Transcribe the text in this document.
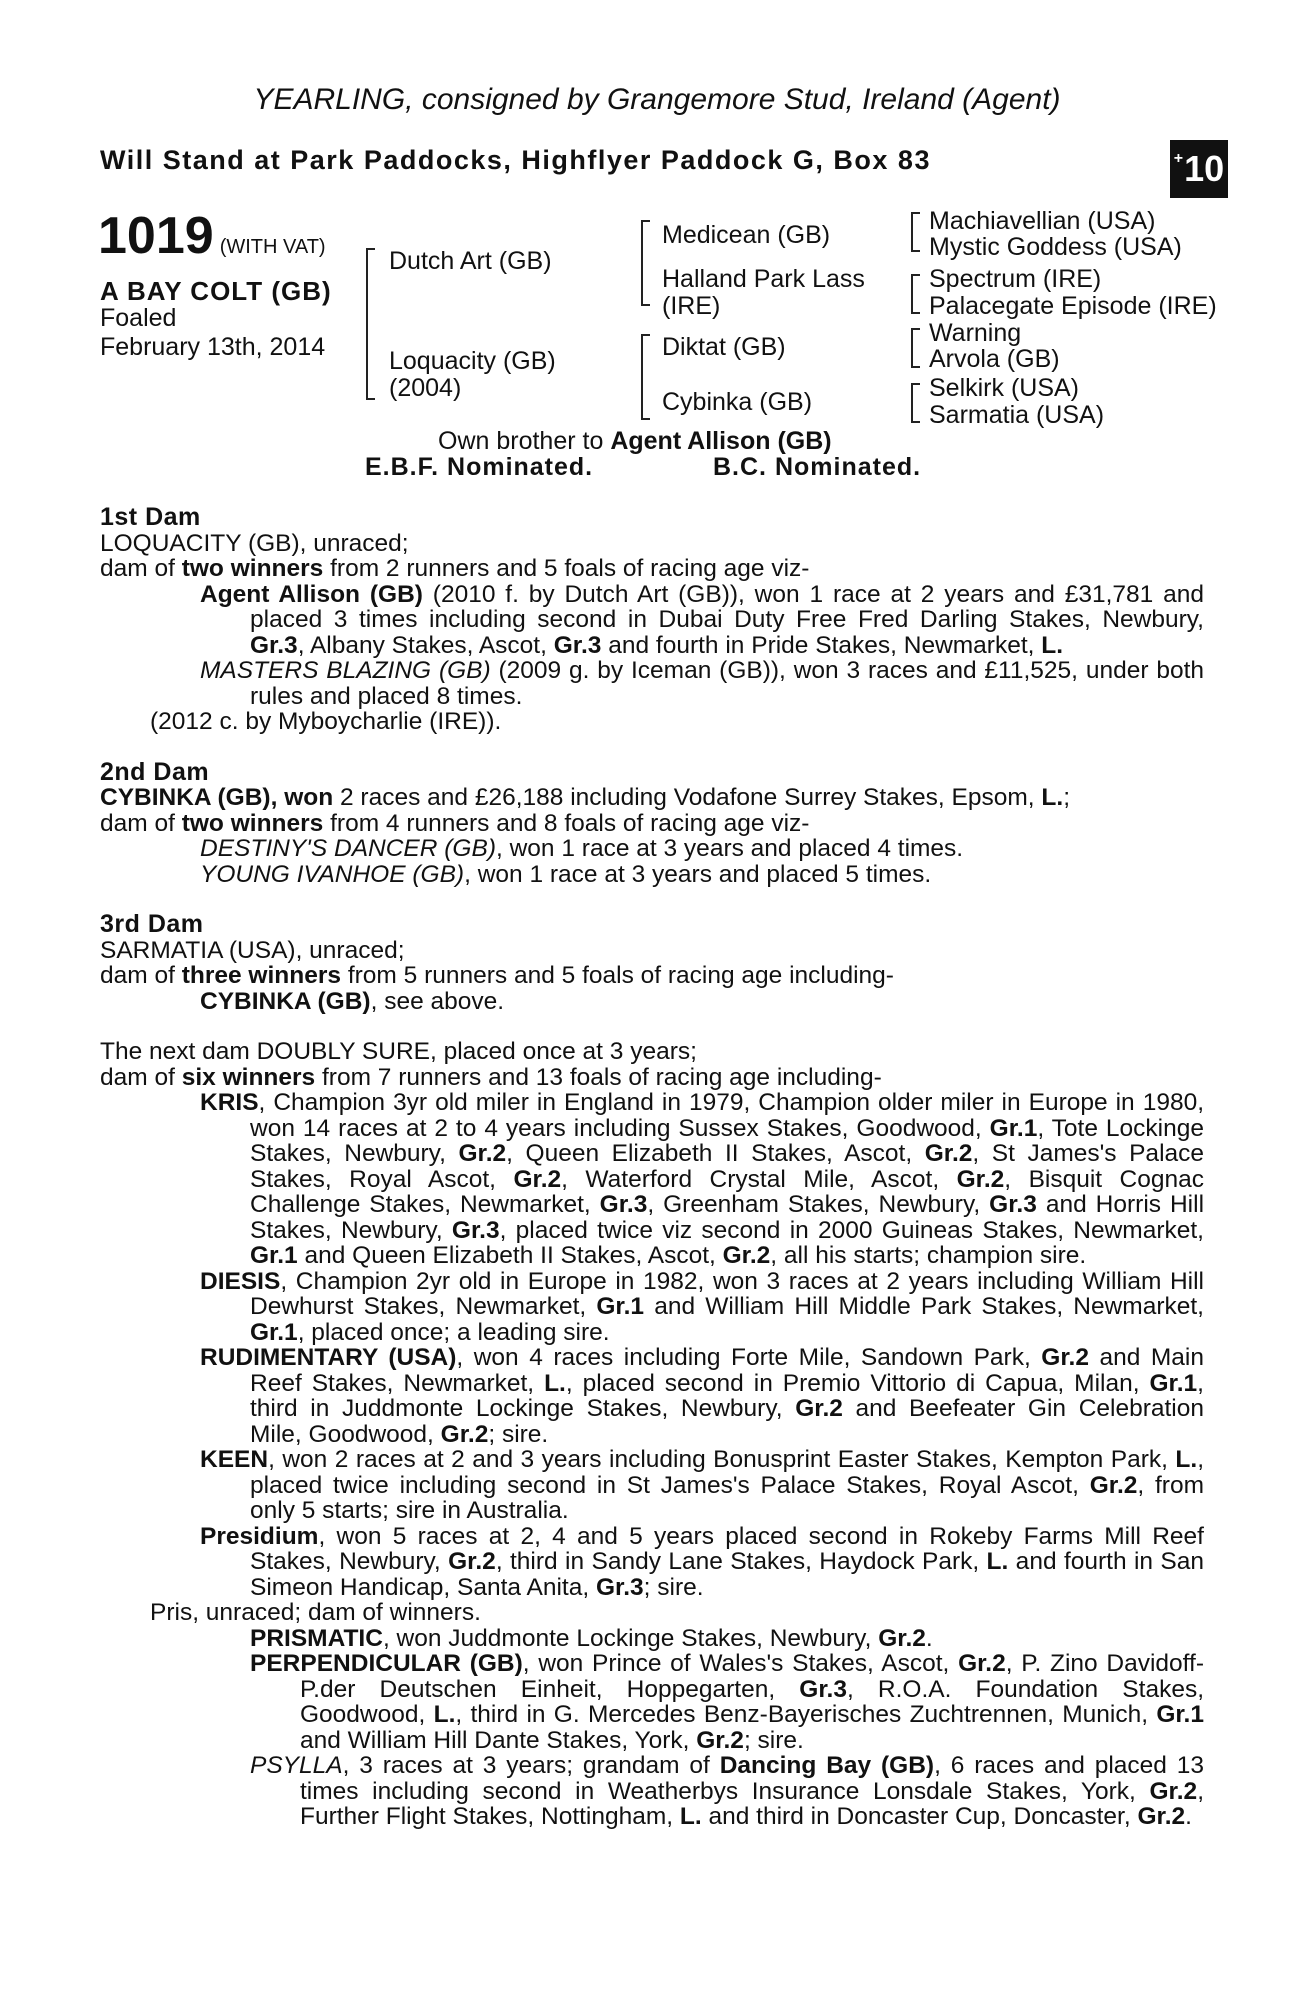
YEARLING, consigned by Grangemore Stud, Ireland (Agent)
Will Stand at Park Paddocks, Highflyer Paddock G, Box 83	+ 10
1019 (WITH VAT)
A BAY COLT (GB)
Foaled
February 13th, 2014
Dutch Art (GB)
Loquacity (GB)
(2004)
Medicean (GB)
Halland Park Lass
(IRE)
Diktat (GB)
Cybinka (GB)
Machiavellian (USA)
Mystic Goddess (USA)
Spectrum (IRE)
Palacegate Episode (IRE)
Warning
Arvola (GB)
Selkirk (USA)
Sarmatia (USA)
Own brother to Agent Allison (GB)
E.B.F. Nominated.	B.C. Nominated.
1st Dam
LOQUACITY (GB), unraced;
dam of two winners from 2 runners and 5 foals of racing age viz-
Agent Allison (GB) (2010 f. by Dutch Art (GB)), won 1 race at 2 years and £31,781 and placed 3 times including second in Dubai Duty Free Fred Darling Stakes, Newbury, Gr.3, Albany Stakes, Ascot, Gr.3 and fourth in Pride Stakes, Newmarket, L.
MASTERS BLAZING (GB) (2009 g. by Iceman (GB)), won 3 races and £11,525, under both rules and placed 8 times.
(2012 c. by Myboycharlie (IRE)).
2nd Dam
CYBINKA (GB), won 2 races and £26,188 including Vodafone Surrey Stakes, Epsom, L.;
dam of two winners from 4 runners and 8 foals of racing age viz-
DESTINY'S DANCER (GB), won 1 race at 3 years and placed 4 times.
YOUNG IVANHOE (GB), won 1 race at 3 years and placed 5 times.
3rd Dam
SARMATIA (USA), unraced;
dam of three winners from 5 runners and 5 foals of racing age including-
CYBINKA (GB), see above.
The next dam DOUBLY SURE, placed once at 3 years;
dam of six winners from 7 runners and 13 foals of racing age including-
KRIS, Champion 3yr old miler in England in 1979, Champion older miler in Europe in 1980, won 14 races at 2 to 4 years including Sussex Stakes, Goodwood, Gr.1, Tote Lockinge Stakes, Newbury, Gr.2, Queen Elizabeth II Stakes, Ascot, Gr.2, St James's Palace Stakes, Royal Ascot, Gr.2, Waterford Crystal Mile, Ascot, Gr.2, Bisquit Cognac Challenge Stakes, Newmarket, Gr.3, Greenham Stakes, Newbury, Gr.3 and Horris Hill Stakes, Newbury, Gr.3, placed twice viz second in 2000 Guineas Stakes, Newmarket, Gr.1 and Queen Elizabeth II Stakes, Ascot, Gr.2, all his starts; champion sire.
DIESIS, Champion 2yr old in Europe in 1982, won 3 races at 2 years including William Hill Dewhurst Stakes, Newmarket, Gr.1 and William Hill Middle Park Stakes, Newmarket, Gr.1, placed once; a leading sire.
RUDIMENTARY (USA), won 4 races including Forte Mile, Sandown Park, Gr.2 and Main Reef Stakes, Newmarket, L., placed second in Premio Vittorio di Capua, Milan, Gr.1, third in Juddmonte Lockinge Stakes, Newbury, Gr.2 and Beefeater Gin Celebration Mile, Goodwood, Gr.2; sire.
KEEN, won 2 races at 2 and 3 years including Bonusprint Easter Stakes, Kempton Park, L., placed twice including second in St James's Palace Stakes, Royal Ascot, Gr.2, from only 5 starts; sire in Australia.
Presidium, won 5 races at 2, 4 and 5 years placed second in Rokeby Farms Mill Reef Stakes, Newbury, Gr.2, third in Sandy Lane Stakes, Haydock Park, L. and fourth in San Simeon Handicap, Santa Anita, Gr.3; sire.
Pris, unraced; dam of winners.
PRISMATIC, won Juddmonte Lockinge Stakes, Newbury, Gr.2.
PERPENDICULAR (GB), won Prince of Wales's Stakes, Ascot, Gr.2, P. Zino Davidoff-P.der Deutschen Einheit, Hoppegarten, Gr.3, R.O.A. Foundation Stakes, Goodwood, L., third in G. Mercedes Benz-Bayerisches Zuchtrennen, Munich, Gr.1 and William Hill Dante Stakes, York, Gr.2; sire.
PSYLLA, 3 races at 3 years; grandam of Dancing Bay (GB), 6 races and placed 13 times including second in Weatherbys Insurance Lonsdale Stakes, York, Gr.2, Further Flight Stakes, Nottingham, L. and third in Doncaster Cup, Doncaster, Gr.2.
